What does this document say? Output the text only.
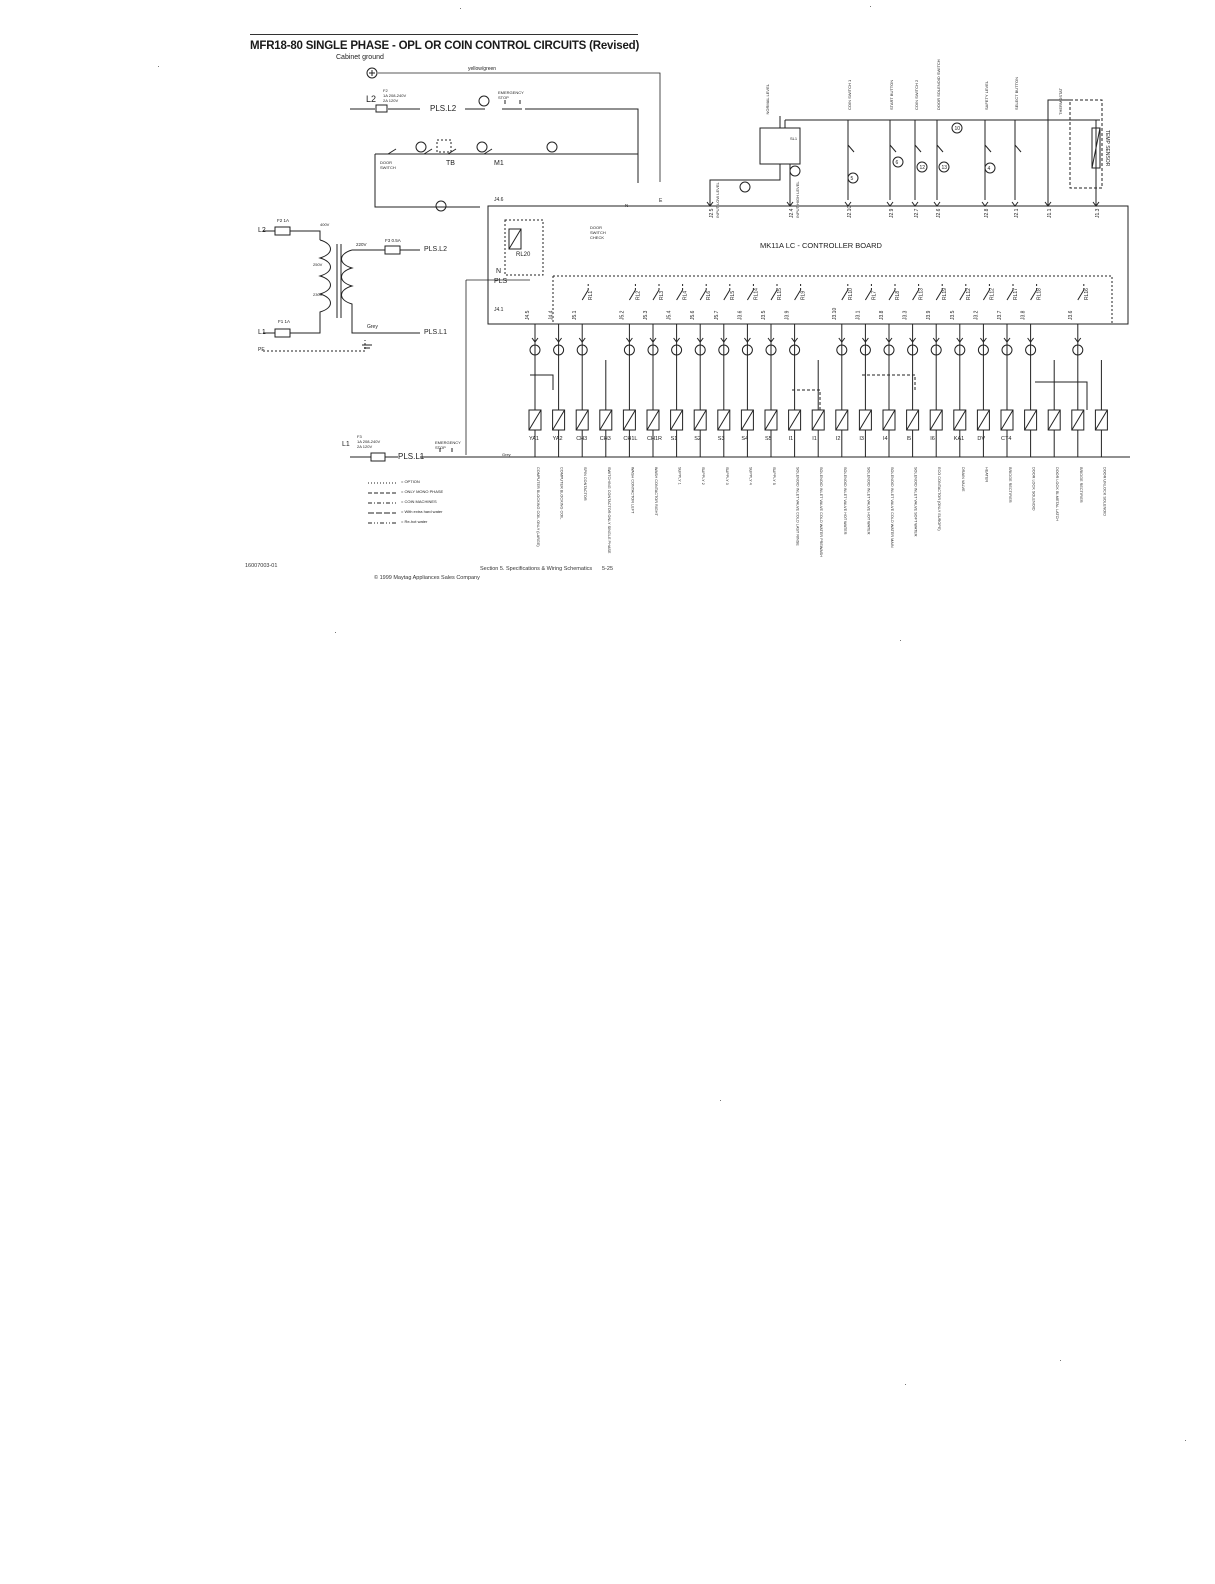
MFR18-80 SINGLE PHASE - OPL OR COIN CONTROL CIRCUITS (Revised)
J2.5 INPUT LOW LEVEL	J2.4 INPUT HIGH LEVEL
COIN SWITCH 1
J2.10
START BUTTON
J2.9
COIN SWITCH 2
J2.7
DOOR SOLENOID SWITCH
J2.6
SAFETY LEVEL
J2.8
SELECT BUTTON
J2.1	J1.1	J1.3
5
6
12	13
10
4
J4.5
YA1
COMPUTER BLOCKING COIL ONLY (LARGE)
J4.4
YA2
COMPUTER BLOCKING COIL
J5.1
RL1
CH3
SPIN CONTACTOR
CH3
SWITCHING CONTACTOR ONLY SINGLE PHASE
J5.2
RL2
CH1L
WASH CONTACTOR LEFT
J5.3
RL3
CH1R
WASH CONTACTOR RIGHT
J5.4
RL4
S1
SUPPLY 1
J5.6
RL6
S2
SUPPLY 2
J5.7
RL5
S3
SUPPLY 3
J3.6
RL14
S4
SUPPLY 4
J3.5
RL15
S5
SUPPLY 5
J3.9
RL9
I1
SOLENOID INLET VALVE COLD LAST RINSE
I1
SOLENOID INLET VALVE COLD WATER PREWASH
J3.10
RL10
I2
SOLENOID INLET VALVE HOT WATER
J3.1
RL7
I3
SOLENOID INLET VALVE HOT WATER
J3.8
RL8
I4
SOLENOID INLET VALVE COLD WATER MAIN
J3.3
RL13
I5
SOLENOID INLET VALVE SOFT WATER
J3.9
RL19
I6
ECO CONTACTOR (ONLY EUROPE)
J3.5
RL12
KA1
DRAIN VALVE
J3.2
RL12
DV
HEATER
J3.7
RL17
CT4
BRIDGE RECTIFIER
J3.8
RL18
DOOR LOCK SOLENOID	DOOR LOCK BI-METAL LATCH
J3.6
RL16
BRIDGE RECTIFIER	DOOR UNLOCK SOLENOID
Cabinet ground
yellow/green
L2
F2
1A 208-240V
2A 120V
PLS.L2
EMERGENCY STOP
DOOR SWITCH
TB	M1
L2
F2 1A
400V
250V
230V
220V
F3 0.5A
PLS.L2
L1
F1 1A
Grey
PLS.L1
PE
MK11A LC - CONTROLLER BOARD
N
PLS
RL20
J4.6
J4.1
DOOR SWITCH CHECK
NORMAL LEVEL
SL1
THERMOSTAT
TEMP SENSOR
E
N
L1
F3
1A 208-240V
2A 120V
PLS.L1
EMERGENCY STOP
Grey
= OPTION
= ONLY MONO PHASE
= COIN MACHINES
= With extra hard water
= Re-hot water
16007003-01	Section 5. Specifications & Wiring Schematics 5-25
© 1999 Maytag Appliances Sales Company
